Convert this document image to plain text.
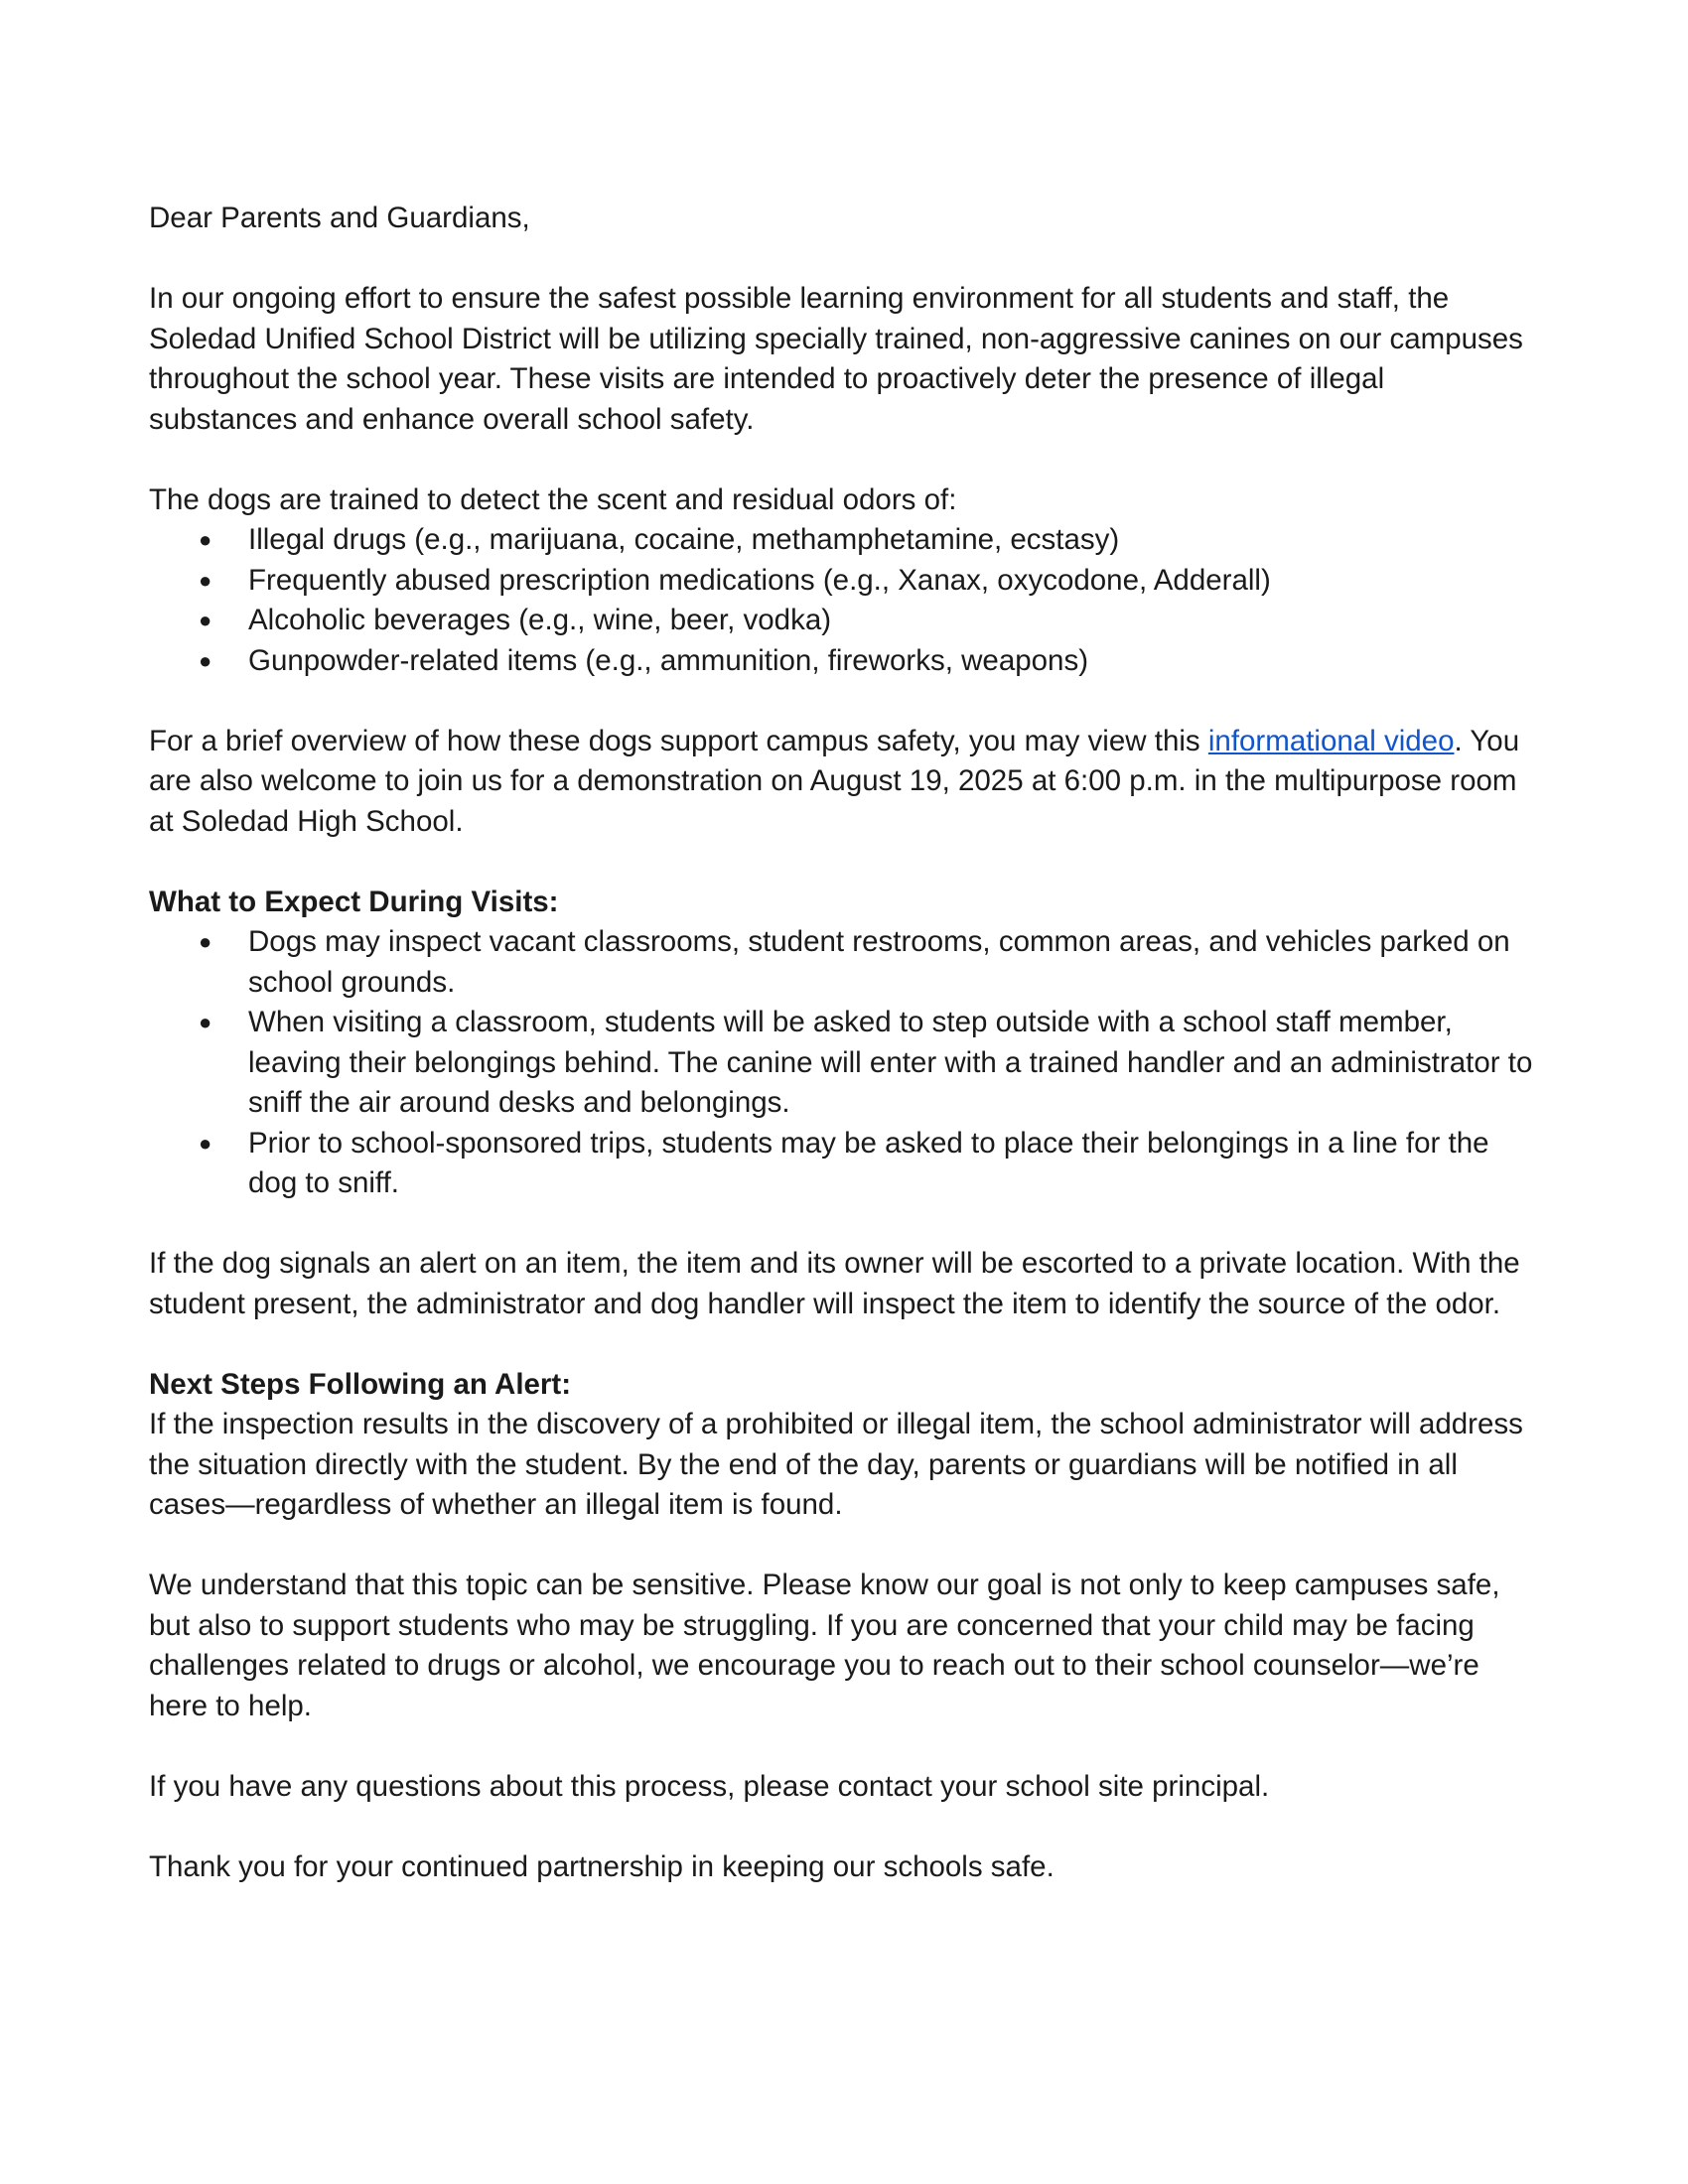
Dear Parents and Guardians,

In our ongoing effort to ensure the safest possible learning environment for all students and staff, the Soledad Unified School District will be utilizing specially trained, non-aggressive canines on our campuses throughout the school year. These visits are intended to proactively deter the presence of illegal substances and enhance overall school safety.

The dogs are trained to detect the scent and residual odors of:

● Illegal drugs (e.g., marijuana, cocaine, methamphetamine, ecstasy)
● Frequently abused prescription medications (e.g., Xanax, oxycodone, Adderall)
● Alcoholic beverages (e.g., wine, beer, vodka)
● Gunpowder-related items (e.g., ammunition, fireworks, weapons)

For a brief overview of how these dogs support campus safety, you may view this informational video. You are also welcome to join us for a demonstration on August 19, 2025 at 6:00 p.m. in the multipurpose room at Soledad High School.

What to Expect During Visits:

● Dogs may inspect vacant classrooms, student restrooms, common areas, and vehicles parked on school grounds.
● When visiting a classroom, students will be asked to step outside with a school staff member, leaving their belongings behind. The canine will enter with a trained handler and an administrator to sniff the air around desks and belongings.
● Prior to school-sponsored trips, students may be asked to place their belongings in a line for the dog to sniff.

If the dog signals an alert on an item, the item and its owner will be escorted to a private location. With the student present, the administrator and dog handler will inspect the item to identify the source of the odor.

Next Steps Following an Alert:

If the inspection results in the discovery of a prohibited or illegal item, the school administrator will address the situation directly with the student. By the end of the day, parents or guardians will be notified in all cases—regardless of whether an illegal item is found.

We understand that this topic can be sensitive. Please know our goal is not only to keep campuses safe, but also to support students who may be struggling. If you are concerned that your child may be facing challenges related to drugs or alcohol, we encourage you to reach out to their school counselor—we’re here to help.

If you have any questions about this process, please contact your school site principal.

Thank you for your continued partnership in keeping our schools safe.
